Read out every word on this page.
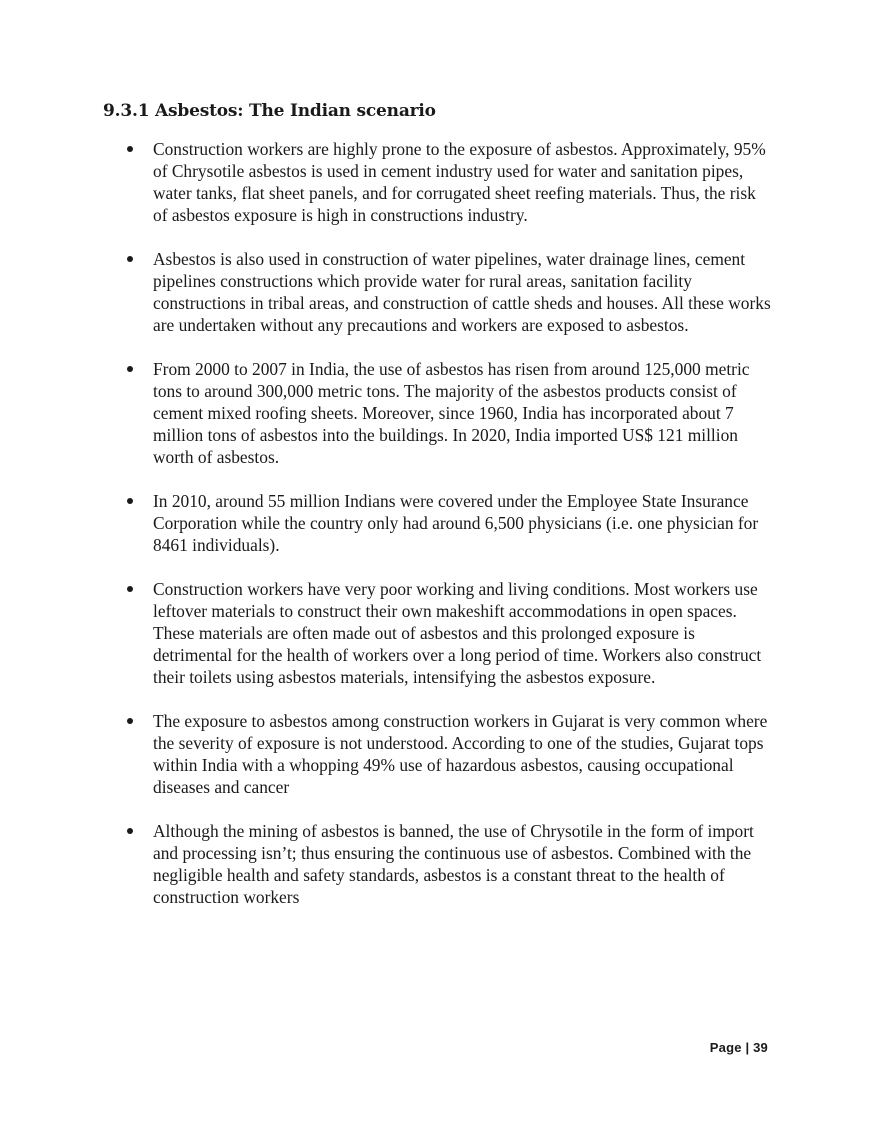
9.3.1 Asbestos: The Indian scenario
Construction workers are highly prone to the exposure of asbestos. Approximately, 95% of Chrysotile asbestos is used in cement industry used for water and sanitation pipes, water tanks, flat sheet panels, and for corrugated sheet reefing materials. Thus, the risk of asbestos exposure is high in constructions industry.
Asbestos is also used in construction of water pipelines, water drainage lines, cement pipelines constructions which provide water for rural areas, sanitation facility constructions in tribal areas, and construction of cattle sheds and houses. All these works are undertaken without any precautions and workers are exposed to asbestos.
From 2000 to 2007 in India, the use of asbestos has risen from around 125,000 metric tons to around 300,000 metric tons. The majority of the asbestos products consist of cement mixed roofing sheets. Moreover, since 1960, India has incorporated about 7 million tons of asbestos into the buildings. In 2020, India imported US$ 121 million worth of asbestos.
In 2010, around 55 million Indians were covered under the Employee State Insurance Corporation while the country only had around 6,500 physicians (i.e. one physician for 8461 individuals).
Construction workers have very poor working and living conditions. Most workers use leftover materials to construct their own makeshift accommodations in open spaces. These materials are often made out of asbestos and this prolonged exposure is detrimental for the health of workers over a long period of time. Workers also construct their toilets using asbestos materials, intensifying the asbestos exposure.
The exposure to asbestos among construction workers in Gujarat is very common where the severity of exposure is not understood. According to one of the studies, Gujarat tops within India with a whopping 49% use of hazardous asbestos, causing occupational diseases and cancer
Although the mining of asbestos is banned, the use of Chrysotile in the form of import and processing isn’t; thus ensuring the continuous use of asbestos. Combined with the negligible health and safety standards, asbestos is a constant threat to the health of construction workers
Page | 39
